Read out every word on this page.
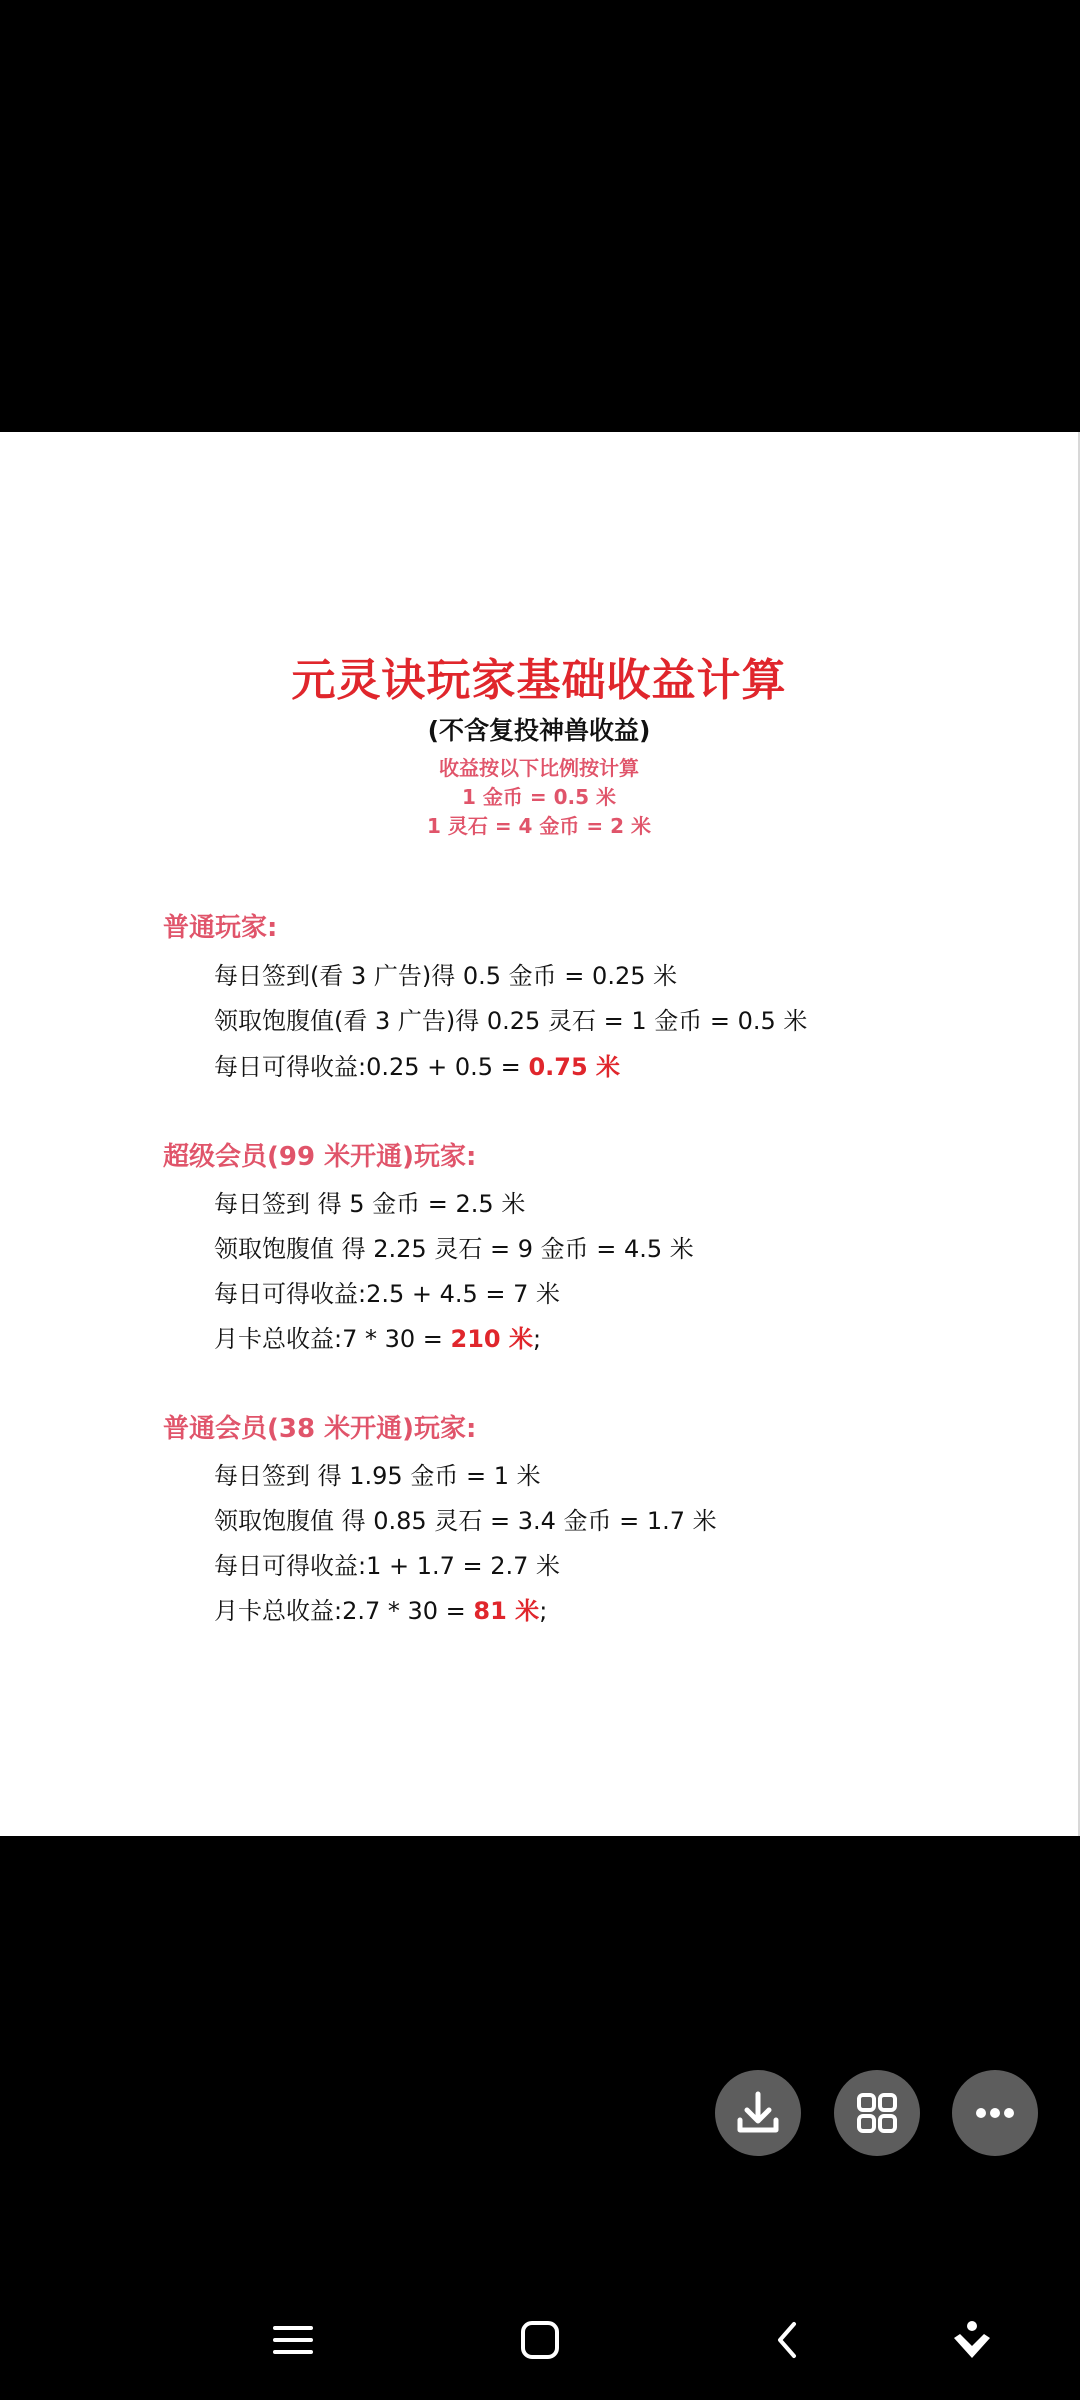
元灵诀玩家基础收益计算
(不含复投神兽收益)
收益按以下比例按计算
1 金币 = 0.5 米
1 灵石 = 4 金币 = 2 米
普通玩家:
每日签到(看 3 广告)得 0.5 金币 = 0.25 米
领取饱腹值(看 3 广告)得 0.25 灵石 = 1 金币 = 0.5 米
每日可得收益:0.25 + 0.5 = 0.75 米
超级会员(99 米开通)玩家:
每日签到 得 5 金币 = 2.5 米
领取饱腹值 得 2.25 灵石 = 9 金币 = 4.5 米
每日可得收益:2.5 + 4.5 = 7 米
月卡总收益:7 * 30 = 210 米;
普通会员(38 米开通)玩家:
每日签到 得 1.95 金币 = 1 米
领取饱腹值 得 0.85 灵石 = 3.4 金币 = 1.7 米
每日可得收益:1 + 1.7 = 2.7 米
月卡总收益:2.7 * 30 = 81 米;
